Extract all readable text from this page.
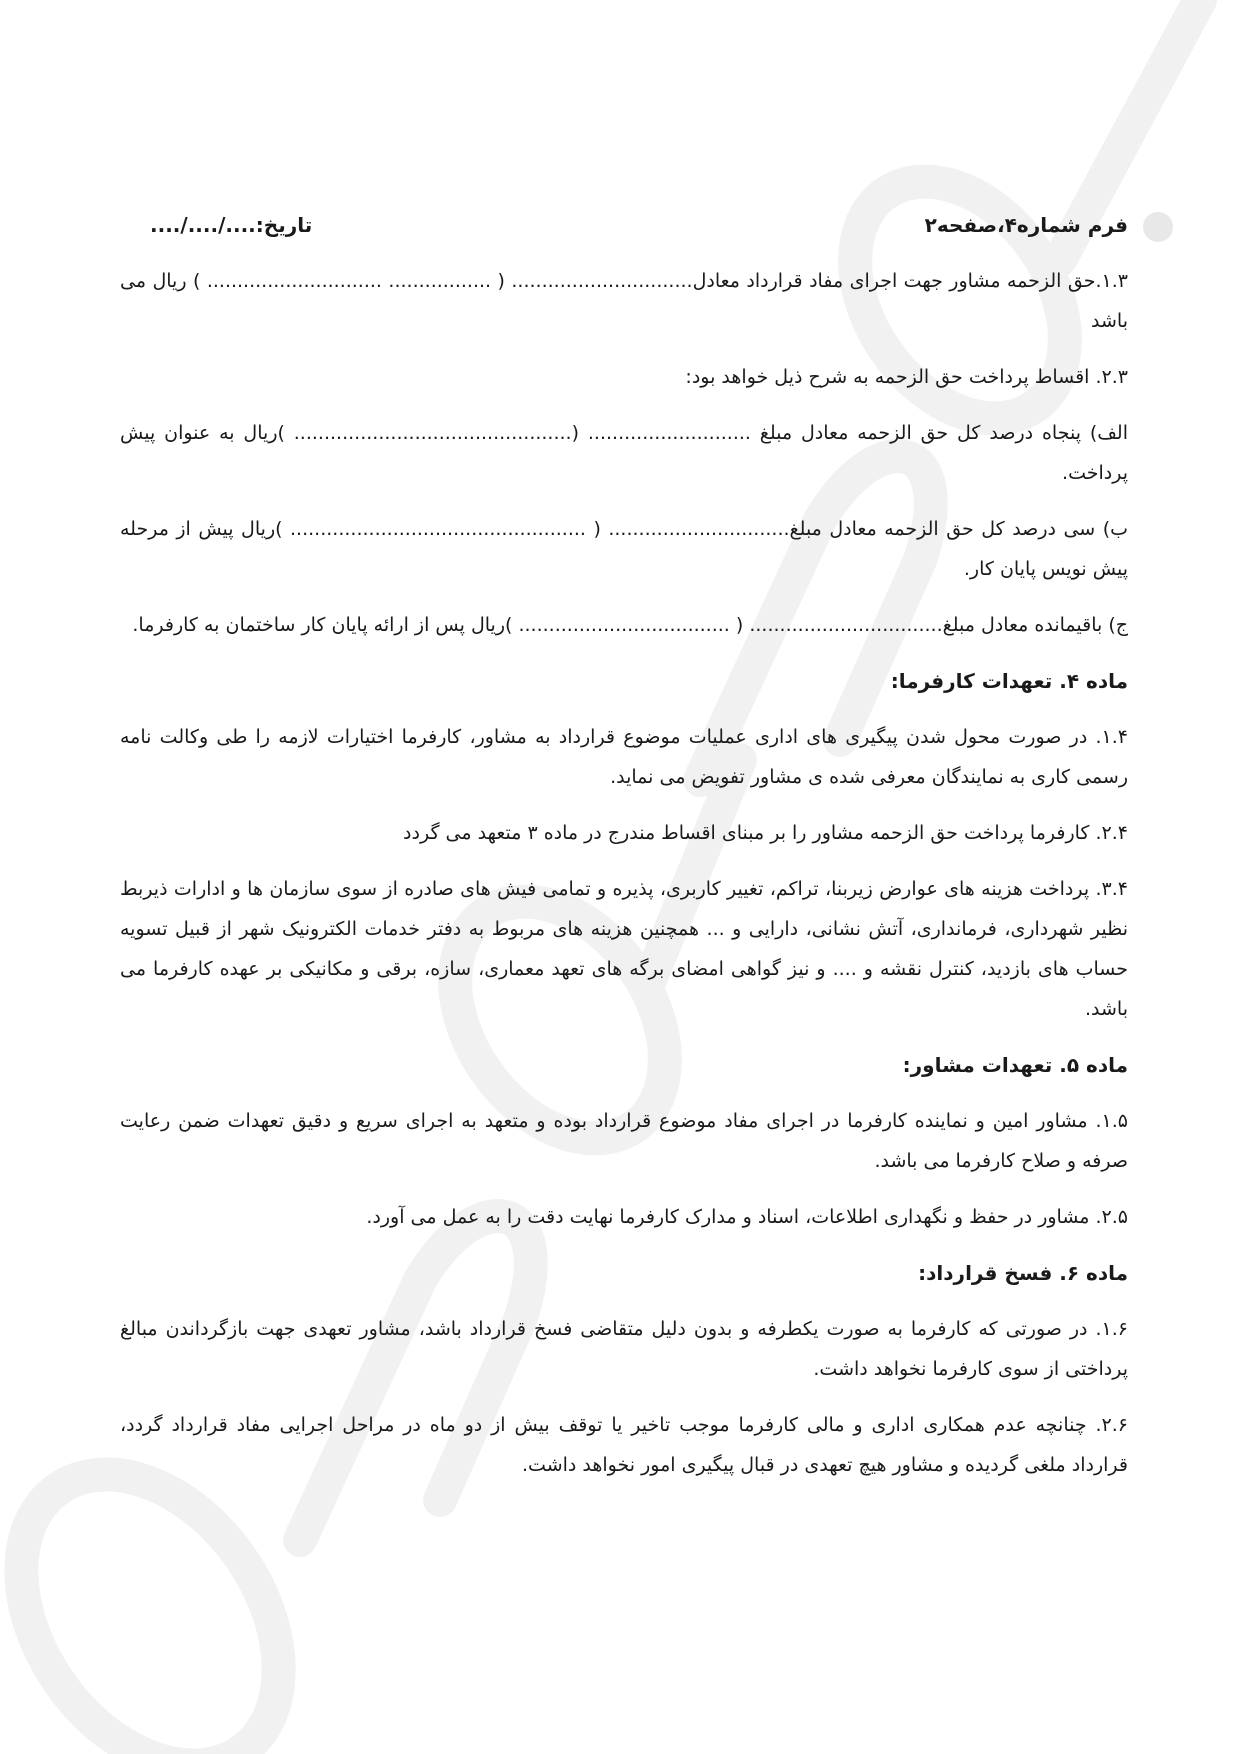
فرم شماره۴،صفحه۲
تاریخ:..../..../....

۱.۳.حق الزحمه مشاور جهت اجرای مفاد قرارداد معادل.............................. ( ................. ............................. ) ریال می باشد

۲.۳. اقساط پرداخت حق الزحمه به شرح ذیل خواهد بود:

الف) پنجاه درصد کل حق الزحمه معادل مبلغ ........................... (.............................................. )ریال به عنوان پیش پرداخت.

ب) سی درصد کل حق الزحمه معادل مبلغ.............................. ( ................................................. )ریال پیش از مرحله پیش نویس پایان کار.

ج) باقیمانده معادل مبلغ................................ ( ................................... )ریال پس از ارائه پایان کار ساختمان به کارفرما.

ماده ۴. تعهدات کارفرما:

۱.۴. در صورت محول شدن پیگیری های اداری عملیات موضوع قرارداد به مشاور، کارفرما اختیارات لازمه را طی وکالت نامه رسمی کاری به نمایندگان معرفی شده ی مشاور تفویض می نماید.

۲.۴. کارفرما پرداخت حق الزحمه مشاور را بر مبنای اقساط مندرج در ماده ۳ متعهد می گردد

۳.۴. پرداخت هزینه های عوارض زیربنا، تراکم، تغییر کاربری، پذیره و تمامی فیش های صادره از سوی سازمان ها و ادارات ذیربط نظیر شهرداری، فرمانداری، آتش نشانی، دارایی و ... همچنین هزینه های مربوط به دفتر خدمات الکترونیک شهر از قبیل تسویه حساب های بازدید، کنترل نقشه و .... و نیز گواهی امضای برگه های تعهد معماری، سازه، برقی و مکانیکی بر عهده کارفرما می باشد.

ماده ۵. تعهدات مشاور:

۱.۵. مشاور امین و نماینده کارفرما در اجرای مفاد موضوع قرارداد بوده و متعهد به اجرای سریع و دقیق تعهدات ضمن رعایت صرفه و صلاح کارفرما می باشد.

۲.۵. مشاور در حفظ و نگهداری اطلاعات، اسناد و مدارک کارفرما نهایت دقت را به عمل می آورد.

ماده ۶. فسخ قرارداد:

۱.۶. در صورتی که کارفرما به صورت یکطرفه و بدون دلیل متقاضی فسخ قرارداد باشد، مشاور تعهدی جهت بازگرداندن مبالغ پرداختی از سوی کارفرما نخواهد داشت.

۲.۶. چنانچه عدم همکاری اداری و مالی کارفرما موجب تاخیر یا توقف بیش از دو ماه در مراحل اجرایی مفاد قرارداد گردد، قرارداد ملغی گردیده و مشاور هیچ تعهدی در قبال پیگیری امور نخواهد داشت.
